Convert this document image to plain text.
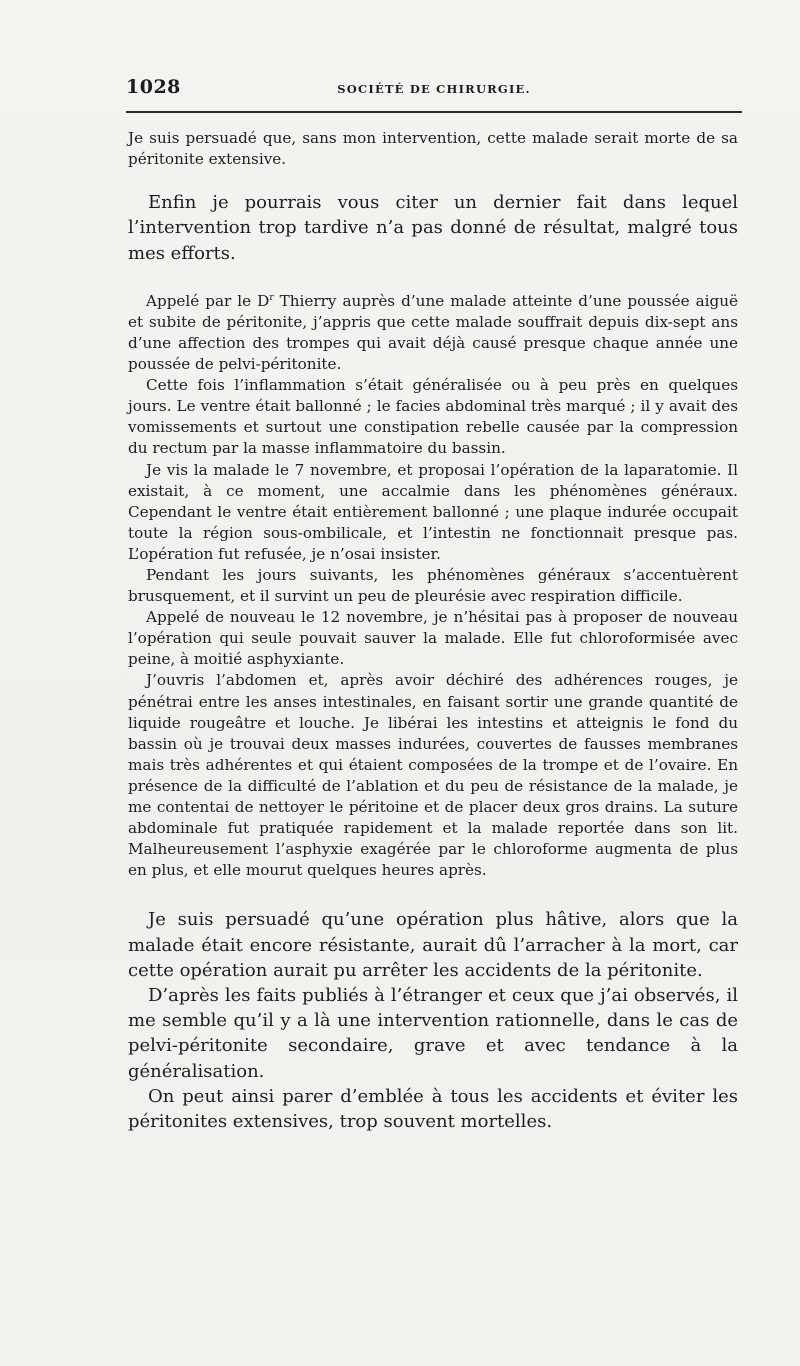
1028	SOCIÉTÉ DE CHIRURGIE.

Je suis persuadé que, sans mon intervention, cette malade serait morte de sa péritonite extensive.

Enfin je pourrais vous citer un dernier fait dans lequel l’intervention trop tardive n’a pas donné de résultat, malgré tous mes efforts.

Appelé par le $D^r$ Thierry auprès d’une malade atteinte d’une poussée aiguë et subite de péritonite, j’appris que cette malade souffrait depuis dix-sept ans d’une affection des trompes qui avait déjà causé presque chaque année une poussée de pelvi-péritonite.

Cette fois l’inflammation s’était généralisée ou à peu près en quelques jours. Le ventre était ballonné ; le facies abdominal très marqué ; il y avait des vomissements et surtout une constipation rebelle causée par la compression du rectum par la masse inflammatoire du bassin.

Je vis la malade le 7 novembre, et proposai l’opération de la laparatomie. Il existait, à ce moment, une accalmie dans les phénomènes généraux. Cependant le ventre était entièrement ballonné ; une plaque indurée occupait toute la région sous-ombilicale, et l’intestin ne fonctionnait presque pas. L’opération fut refusée, je n’osai insister.

Pendant les jours suivants, les phénomènes généraux s’accentuèrent brusquement, et il survint un peu de pleurésie avec respiration difficile.

Appelé de nouveau le 12 novembre, je n’hésitai pas à proposer de nouveau l’opération qui seule pouvait sauver la malade. Elle fut chloroformisée avec peine, à moitié asphyxiante.

J’ouvris l’abdomen et, après avoir déchiré des adhérences rouges, je pénétrai entre les anses intestinales, en faisant sortir une grande quantité de liquide rougeâtre et louche. Je libérai les intestins et atteignis le fond du bassin où je trouvai deux masses indurées, couvertes de fausses membranes mais très adhérentes et qui étaient composées de la trompe et de l’ovaire. En présence de la difficulté de l’ablation et du peu de résistance de la malade, je me contentai de nettoyer le péritoine et de placer deux gros drains. La suture abdominale fut pratiquée rapidement et la malade reportée dans son lit. Malheureusement l’asphyxie exagérée par le chloroforme augmenta de plus en plus, et elle mourut quelques heures après.

Je suis persuadé qu’une opération plus hâtive, alors que la malade était encore résistante, aurait dû l’arracher à la mort, car cette opération aurait pu arrêter les accidents de la péritonite.

D’après les faits publiés à l’étranger et ceux que j’ai observés, il me semble qu’il y a là une intervention rationnelle, dans le cas de pelvi-péritonite secondaire, grave et avec tendance à la généralisation.

On peut ainsi parer d’emblée à tous les accidents et éviter les péritonites extensives, trop souvent mortelles.
